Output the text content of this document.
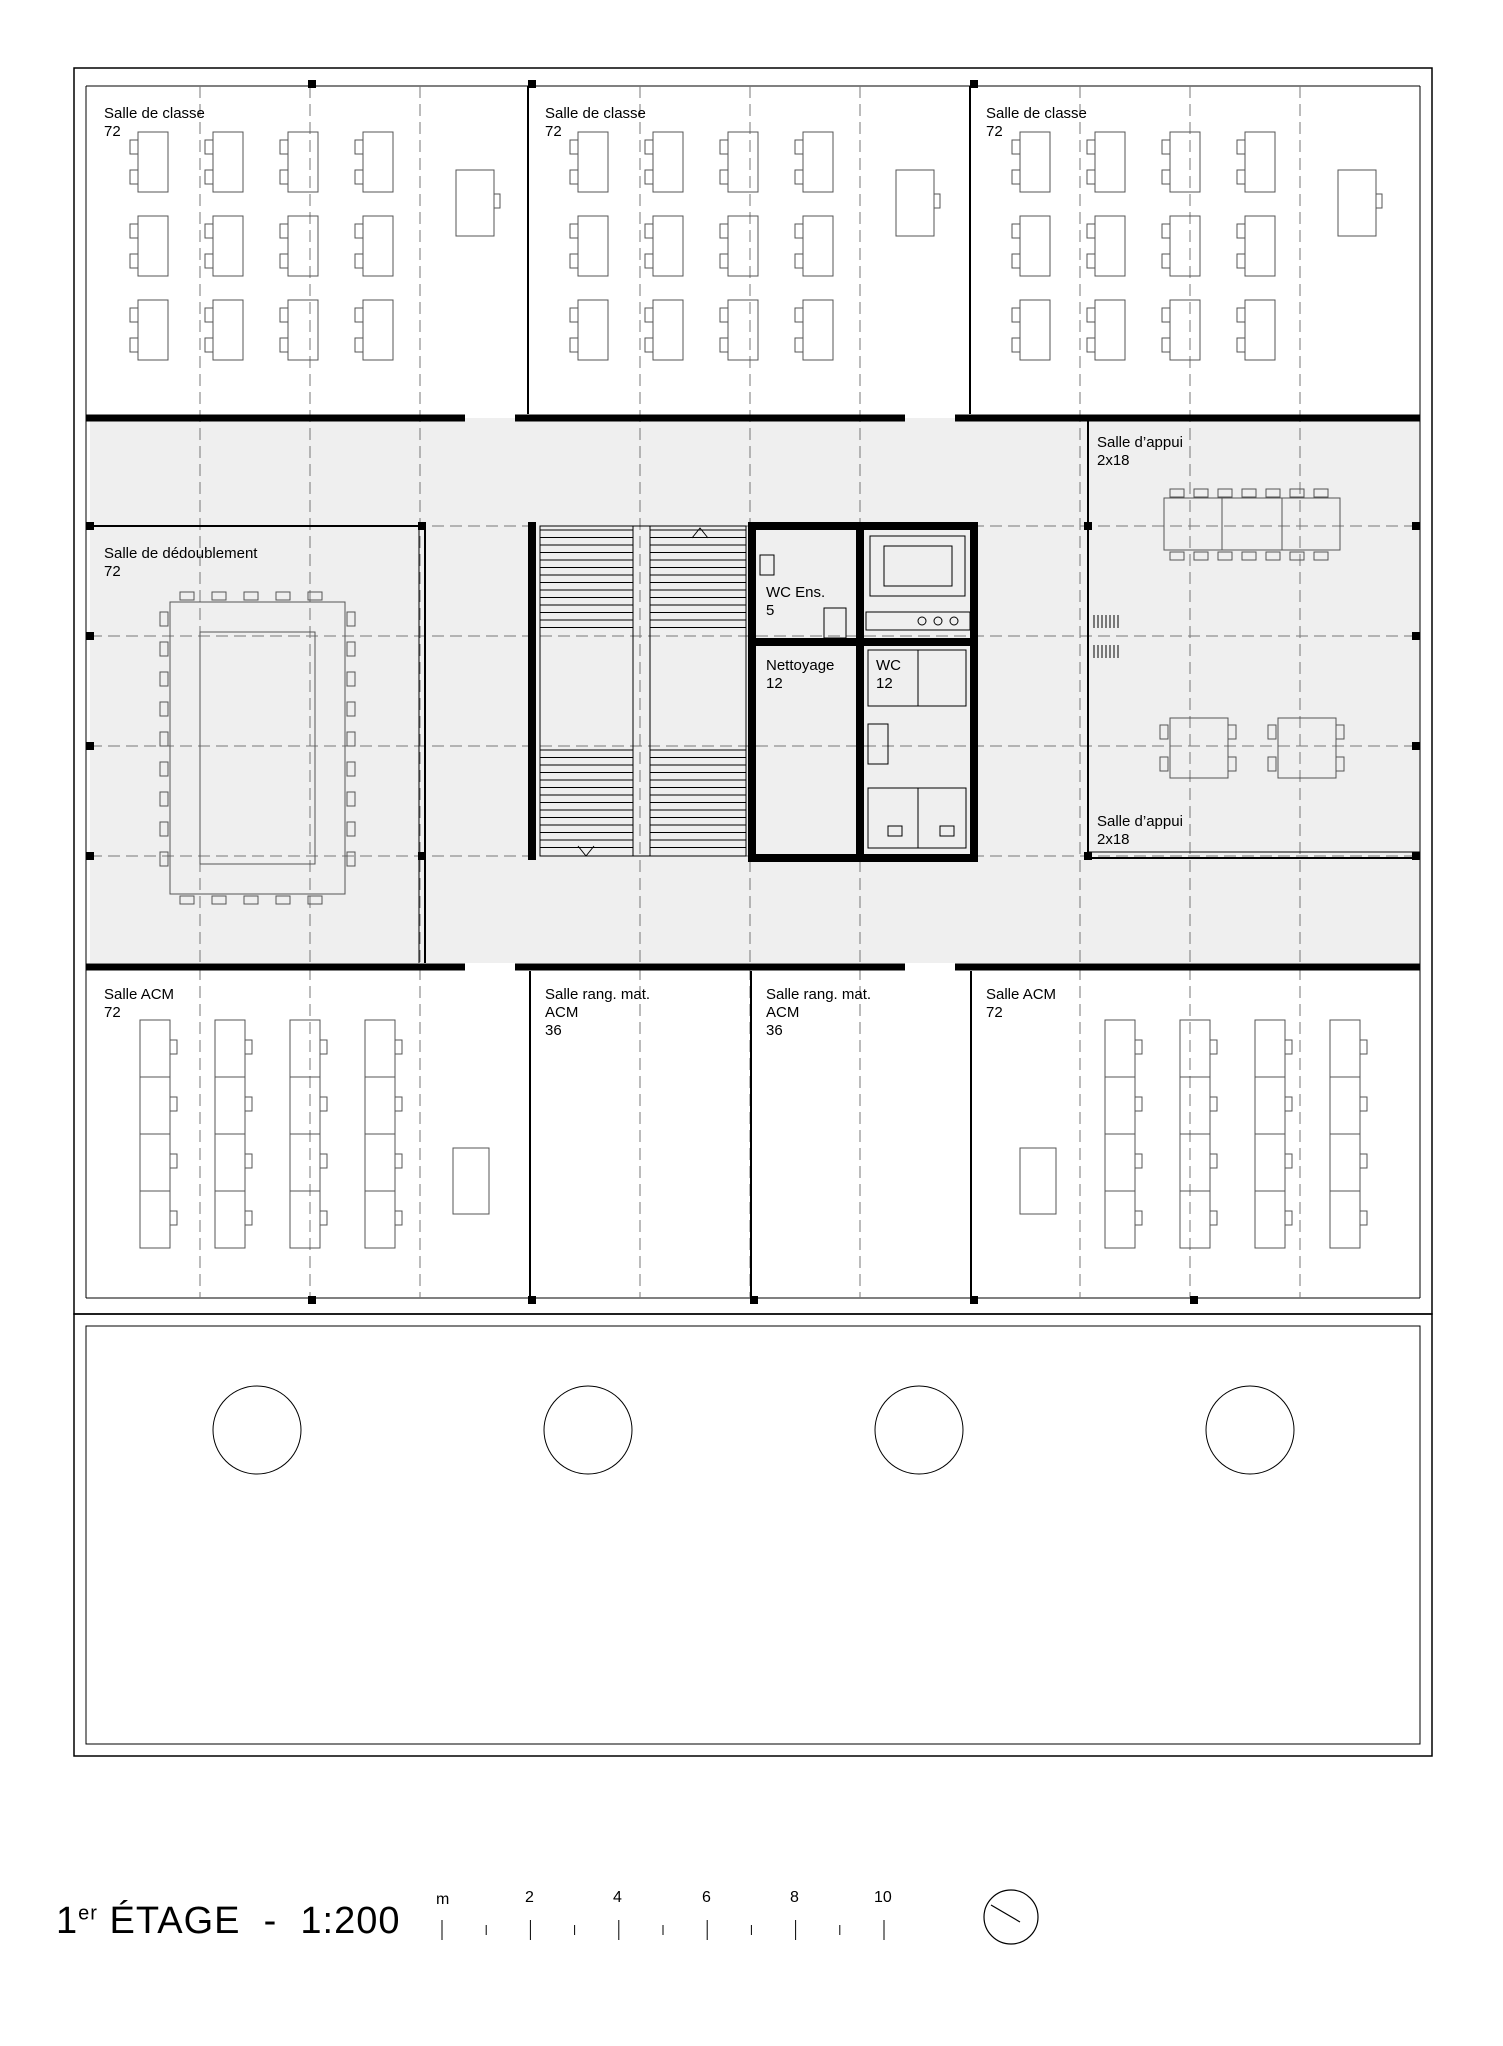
Salle de classe
72
Salle de classe
72
Salle de classe
72
Salle d’appui
2x18
Salle d’appui
2x18
Salle de dédoublement
72
WC Ens.
5
Nettoyage
12
WC
12
Salle ACM
72
Salle rang. mat.
ACM
36
Salle rang. mat.
ACM
36
Salle ACM
72
m	2	4	6	8	10
1er ÉTAGE - 1:200
